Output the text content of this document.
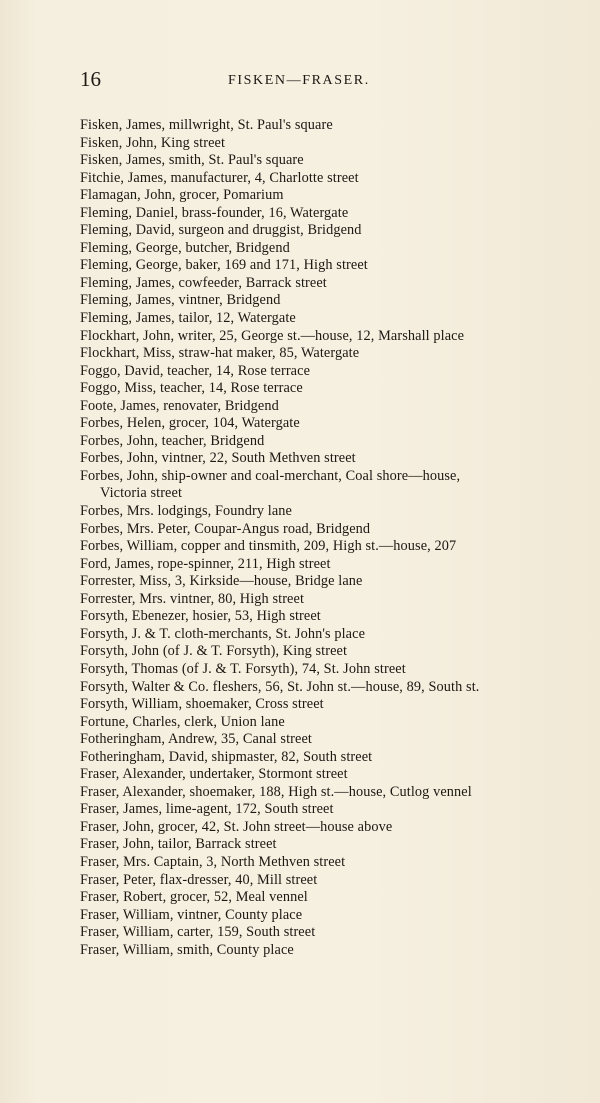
16	FISKEN—FRASER.
Fisken, James, millwright, St. Paul's square
Fisken, John, King street
Fisken, James, smith, St. Paul's square
Fitchie, James, manufacturer, 4, Charlotte street
Flamagan, John, grocer, Pomarium
Fleming, Daniel, brass-founder, 16, Watergate
Fleming, David, surgeon and druggist, Bridgend
Fleming, George, butcher, Bridgend
Fleming, George, baker, 169 and 171, High street
Fleming, James, cowfeeder, Barrack street
Fleming, James, vintner, Bridgend
Fleming, James, tailor, 12, Watergate
Flockhart, John, writer, 25, George st.—house, 12, Marshall place
Flockhart, Miss, straw-hat maker, 85, Watergate
Foggo, David, teacher, 14, Rose terrace
Foggo, Miss, teacher, 14, Rose terrace
Foote, James, renovater, Bridgend
Forbes, Helen, grocer, 104, Watergate
Forbes, John, teacher, Bridgend
Forbes, John, vintner, 22, South Methven street
Forbes, John, ship-owner and coal-merchant, Coal shore—house,
Victoria street
Forbes, Mrs. lodgings, Foundry lane
Forbes, Mrs. Peter, Coupar-Angus road, Bridgend
Forbes, William, copper and tinsmith, 209, High st.—house, 207
Ford, James, rope-spinner, 211, High street
Forrester, Miss, 3, Kirkside—house, Bridge lane
Forrester, Mrs. vintner, 80, High street
Forsyth, Ebenezer, hosier, 53, High street
Forsyth, J. & T. cloth-merchants, St. John's place
Forsyth, John (of J. & T. Forsyth), King street
Forsyth, Thomas (of J. & T. Forsyth), 74, St. John street
Forsyth, Walter & Co. fleshers, 56, St. John st.—house, 89, South st.
Forsyth, William, shoemaker, Cross street
Fortune, Charles, clerk, Union lane
Fotheringham, Andrew, 35, Canal street
Fotheringham, David, shipmaster, 82, South street
Fraser, Alexander, undertaker, Stormont street
Fraser, Alexander, shoemaker, 188, High st.—house, Cutlog vennel
Fraser, James, lime-agent, 172, South street
Fraser, John, grocer, 42, St. John street—house above
Fraser, John, tailor, Barrack street
Fraser, Mrs. Captain, 3, North Methven street
Fraser, Peter, flax-dresser, 40, Mill street
Fraser, Robert, grocer, 52, Meal vennel
Fraser, William, vintner, County place
Fraser, William, carter, 159, South street
Fraser, William, smith, County place
